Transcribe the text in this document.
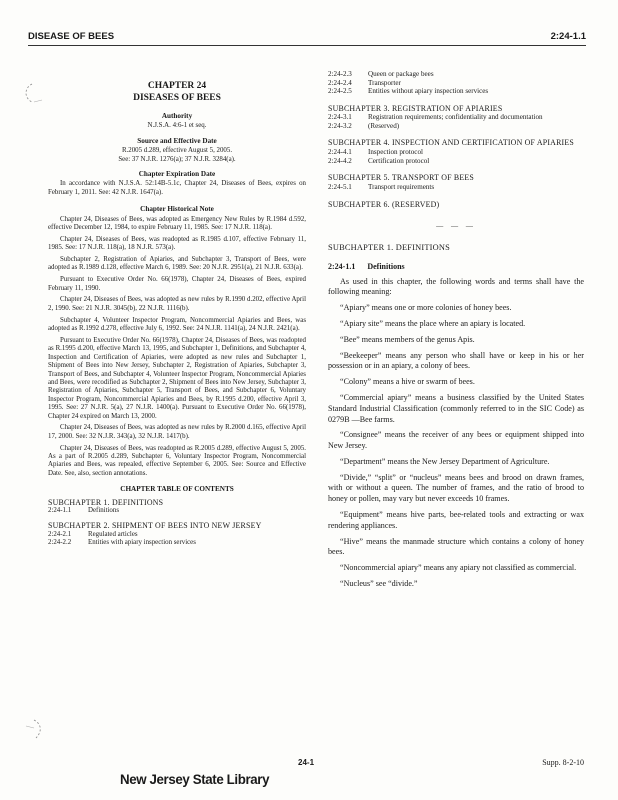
DISEASE OF BEES	2:24-1.1
CHAPTER 24
DISEASES OF BEES
Authority
N.J.S.A. 4:6-1 et seq.
Source and Effective Date
R.2005 d.289, effective August 5, 2005.
See: 37 N.J.R. 1276(a); 37 N.J.R. 3284(a).
Chapter Expiration Date
In accordance with N.J.S.A. 52:14B-5.1c, Chapter 24, Diseases of Bees, expires on February 1, 2011. See: 42 N.J.R. 1647(a).
Chapter Historical Note

Chapter 24, Diseases of Bees, was adopted as Emergency New Rules by R.1984 d.592, effective December 12, 1984, to expire February 11, 1985. See: 17 N.J.R. 118(a).

Chapter 24, Diseases of Bees, was readopted as R.1985 d.107, effective February 11, 1985. See: 17 N.J.R. 118(a), 18 N.J.R. 573(a).

Subchapter 2, Registration of Apiaries, and Subchapter 3, Transport of Bees, were adopted as R.1989 d.128, effective March 6, 1989. See: 20 N.J.R. 2951(a), 21 N.J.R. 633(a).

Pursuant to Executive Order No. 66(1978), Chapter 24, Diseases of Bees, expired February 11, 1990.

Chapter 24, Diseases of Bees, was adopted as new rules by R.1990 d.202, effective April 2, 1990. See: 21 N.J.R. 3045(b), 22 N.J.R. 1116(b).

Subchapter 4, Volunteer Inspector Program, Noncommercial Apiaries and Bees, was adopted as R.1992 d.278, effective July 6, 1992. See: 24 N.J.R. 1141(a), 24 N.J.R. 2421(a).

Pursuant to Executive Order No. 66(1978), Chapter 24, Diseases of Bees, was readopted as R.1995 d.200, effective March 13, 1995, and Subchapter 1, Definitions, and Subchapter 4, Inspection and Certification of Apiaries, were adopted as new rules and Subchapter 1, Shipment of Bees into New Jersey, Subchapter 2, Registration of Apiaries, Subchapter 3, Transport of Bees, and Subchapter 4, Volunteer Inspector Program, Noncommercial Apiaries and Bees, were recodified as Subchapter 2, Shipment of Bees into New Jersey, Subchapter 3, Registration of Apiaries, Subchapter 5, Transport of Bees, and Subchapter 6, Voluntary Inspector Program, Noncommercial Apiaries and Bees, by R.1995 d.200, effective April 3, 1995. See: 27 N.J.R. 5(a), 27 N.J.R. 1400(a). Pursuant to Executive Order No. 66(1978), Chapter 24 expired on March 13, 2000.

Chapter 24, Diseases of Bees, was adopted as new rules by R.2000 d.165, effective April 17, 2000. See: 32 N.J.R. 343(a), 32 N.J.R. 1417(b).

Chapter 24, Diseases of Bees, was readopted as R.2005 d.289, effective August 5, 2005. As a part of R.2005 d.289, Subchapter 6, Voluntary Inspector Program, Noncommercial Apiaries and Bees, was repealed, effective September 6, 2005. See: Source and Effective Date. See, also, section annotations.

CHAPTER TABLE OF CONTENTS
SUBCHAPTER 1. DEFINITIONS
2:24-1.1	Definitions
SUBCHAPTER 2. SHIPMENT OF BEES INTO NEW JERSEY
2:24-2.1	Regulated articles
2:24-2.2	Entities with apiary inspection services
2:24-2.3	Queen or package bees
2:24-2.4	Transporter
2:24-2.5	Entities without apiary inspection services
SUBCHAPTER 3. REGISTRATION OF APIARIES
2:24-3.1	Registration requirements; confidentiality and documentation
2:24-3.2	(Reserved)
SUBCHAPTER 4. INSPECTION AND CERTIFICATION OF APIARIES
2:24-4.1	Inspection protocol
2:24-4.2	Certification protocol
SUBCHAPTER 5. TRANSPORT OF BEES
2:24-5.1	Transport requirements
SUBCHAPTER 6. (RESERVED)
— — —
SUBCHAPTER 1. DEFINITIONS
2:24-1.1 Definitions

As used in this chapter, the following words and terms shall have the following meaning:

“Apiary” means one or more colonies of honey bees.

“Apiary site” means the place where an apiary is located.

“Bee” means members of the genus Apis.

“Beekeeper” means any person who shall have or keep in his or her possession or in an apiary, a colony of bees.

“Colony” means a hive or swarm of bees.

“Commercial apiary” means a business classified by the United States Standard Industrial Classification (commonly referred to in the SIC Code) as 0279B —Bee farms.

“Consignee” means the receiver of any bees or equipment shipped into New Jersey.

“Department” means the New Jersey Department of Agriculture.

“Divide,” “split” or “nucleus” means bees and brood on drawn frames, with or without a queen. The number of frames, and the ratio of brood to honey or pollen, may vary but never exceeds 10 frames.

“Equipment” means hive parts, bee-related tools and extracting or wax rendering appliances.

“Hive” means the manmade structure which contains a colony of honey bees.

“Noncommercial apiary” means any apiary not classified as commercial.

“Nucleus” see “divide.”

24-1	Supp. 8-2-10
New Jersey State Library
